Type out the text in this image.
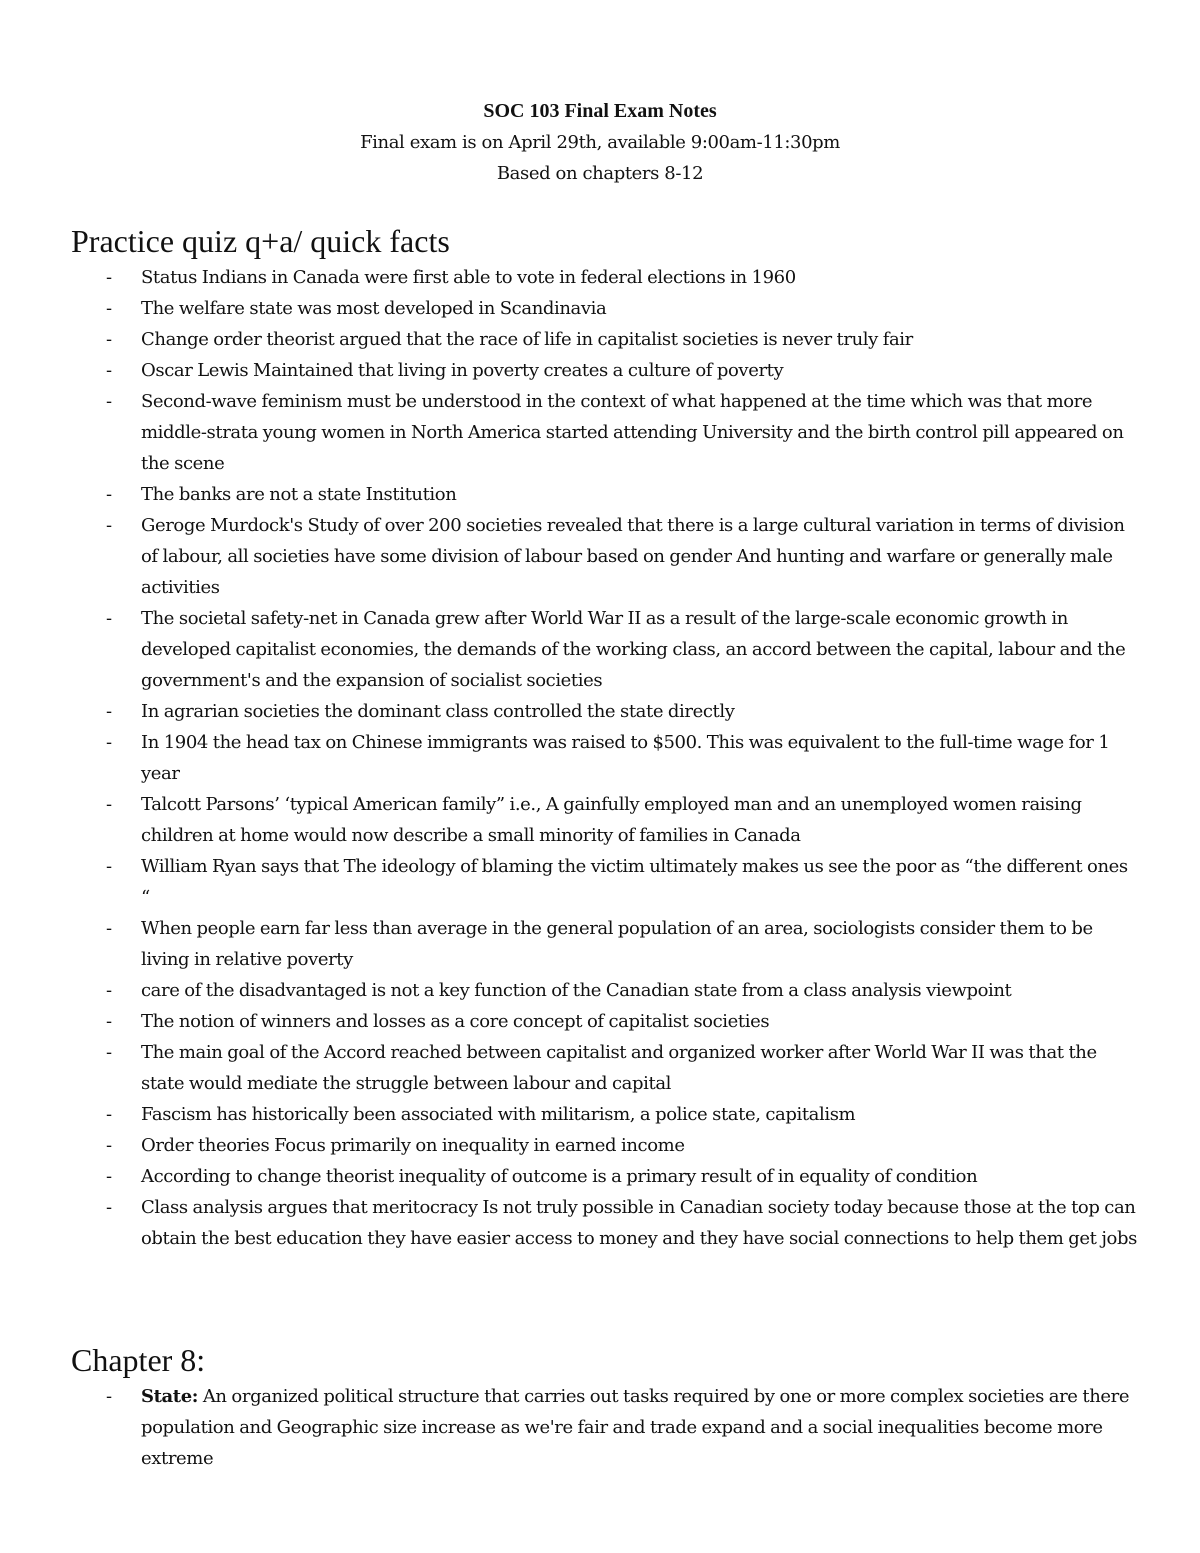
SOC 103 Final Exam Notes

Final exam is on April 29th, available 9:00am-11:30pm

Based on chapters 8-12

Practice quiz q+a/ quick facts
- Status Indians in Canada were first able to vote in federal elections in 1960
- The welfare state was most developed in Scandinavia
- Change order theorist argued that the race of life in capitalist societies is never truly fair
- Oscar Lewis Maintained that living in poverty creates a culture of poverty
- Second-wave feminism must be understood in the context of what happened at the time which was that more middle-strata young women in North America started attending University and the birth control pill appeared on the scene
- The banks are not a state Institution
- Geroge Murdock's Study of over 200 societies revealed that there is a large cultural variation in terms of division of labour, all societies have some division of labour based on gender And hunting and warfare or generally male activities
- The societal safety-net in Canada grew after World War II as a result of the large-scale economic growth in developed capitalist economies, the demands of the working class, an accord between the capital, labour and the government's and the expansion of socialist societies
- In agrarian societies the dominant class controlled the state directly
- In 1904 the head tax on Chinese immigrants was raised to $500. This was equivalent to the full-time wage for 1 year
- Talcott Parsons’ ‘typical American family” i.e., A gainfully employed man and an unemployed women raising children at home would now describe a small minority of families in Canada
- William Ryan says that The ideology of blaming the victim ultimately makes us see the poor as “the different ones “
- When people earn far less than average in the general population of an area, sociologists consider them to be living in relative poverty
- care of the disadvantaged is not a key function of the Canadian state from a class analysis viewpoint
- The notion of winners and losses as a core concept of capitalist societies
- The main goal of the Accord reached between capitalist and organized worker after World War II was that the state would mediate the struggle between labour and capital
- Fascism has historically been associated with militarism, a police state, capitalism
- Order theories Focus primarily on inequality in earned income
- According to change theorist inequality of outcome is a primary result of in equality of condition
- Class analysis argues that meritocracy Is not truly possible in Canadian society today because those at the top can obtain the best education they have easier access to money and they have social connections to help them get jobs
Chapter 8:
- State: An organized political structure that carries out tasks required by one or more complex societies are there population and Geographic size increase as we're fair and trade expand and a social inequalities become more extreme
